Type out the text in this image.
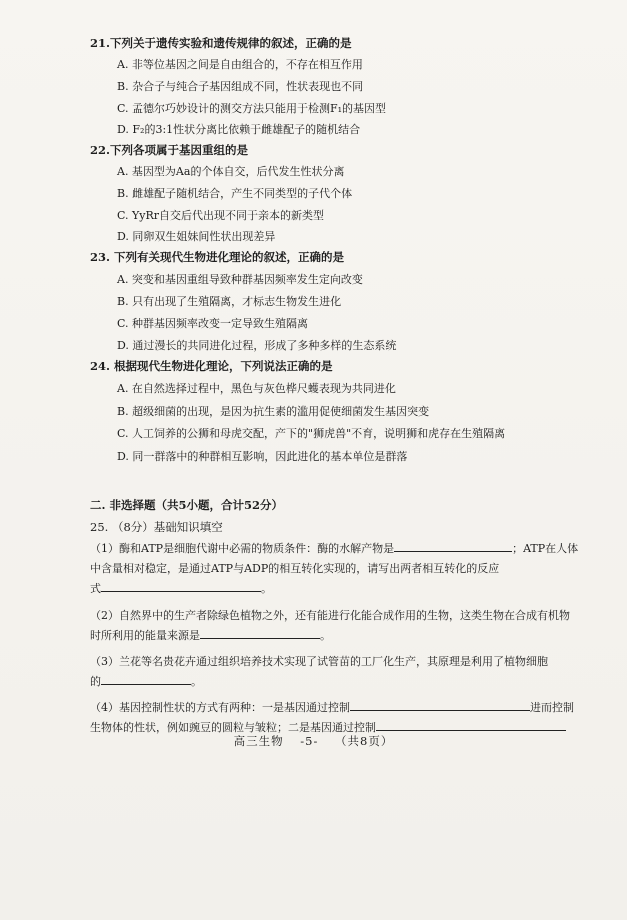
21.下列关于遗传实验和遗传规律的叙述，正确的是
A. 非等位基因之间是自由组合的，不存在相互作用
B. 杂合子与纯合子基因组成不同，性状表现也不同
C. 孟德尔巧妙设计的测交方法只能用于检测F₁的基因型
D. F₂的3:1性状分离比依赖于雌雄配子的随机结合
22.下列各项属于基因重组的是
A. 基因型为Aa的个体自交，后代发生性状分离
B. 雌雄配子随机结合，产生不同类型的子代个体
C. YyRr自交后代出现不同于亲本的新类型
D. 同卵双生姐妹间性状出现差异
23. 下列有关现代生物进化理论的叙述，正确的是
A. 突变和基因重组导致种群基因频率发生定向改变
B. 只有出现了生殖隔离，才标志生物发生进化
C. 种群基因频率改变一定导致生殖隔离
D. 通过漫长的共同进化过程，形成了多种多样的生态系统
24. 根据现代生物进化理论，下列说法正确的是
A. 在自然选择过程中，黑色与灰色桦尺蠖表现为共同进化
B. 超级细菌的出现，是因为抗生素的滥用促使细菌发生基因突变
C. 人工饲养的公狮和母虎交配，产下的"狮虎兽"不育，说明狮和虎存在生殖隔离
D. 同一群落中的种群相互影响，因此进化的基本单位是群落
二. 非选择题（共5小题，合计52分）
25. （8分）基础知识填空
（1）酶和ATP是细胞代谢中必需的物质条件：酶的水解产物是	；ATP在人体
中含量相对稳定，是通过ATP与ADP的相互转化实现的，请写出两者相互转化的反应
式	。
（2）自然界中的生产者除绿色植物之外，还有能进行化能合成作用的生物，这类生物在合成有机物
时所利用的能量来源是	。
（3）兰花等名贵花卉通过组织培养技术实现了试管苗的工厂化生产，其原理是利用了植物细胞
的	。
（4）基因控制性状的方式有两种：一是基因通过控制	进而控制
生物体的性状，例如豌豆的圆粒与皱粒；二是基因通过控制
高三生物 -5- （共8页）
